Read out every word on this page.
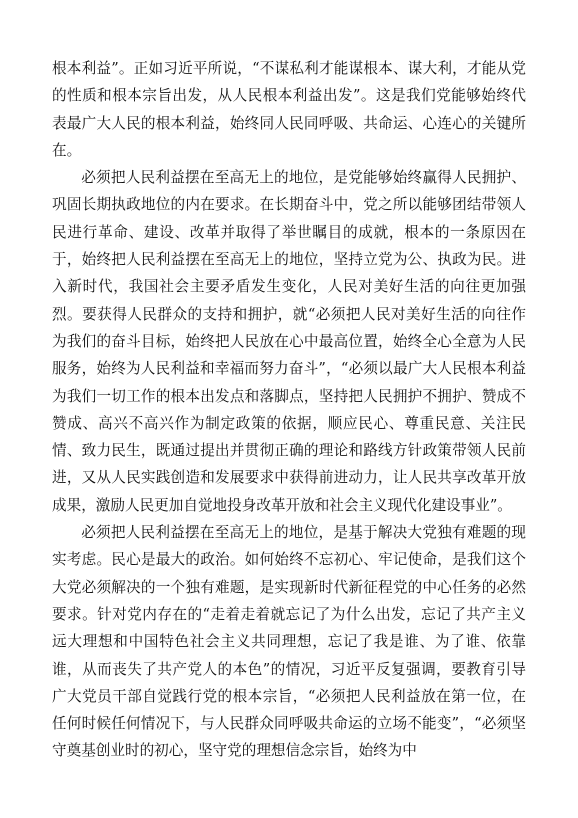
根本利益”。正如习近平所说，“不谋私利才能谋根本、谋大利，才能从党的性质和根本宗旨出发，从人民根本利益出发”。这是我们党能够始终代表最广大人民的根本利益，始终同人民同呼吸、共命运、心连心的关键所在。

必须把人民利益摆在至高无上的地位，是党能够始终赢得人民拥护、巩固长期执政地位的内在要求。在长期奋斗中，党之所以能够团结带领人民进行革命、建设、改革并取得了举世瞩目的成就，根本的一条原因在于，始终把人民利益摆在至高无上的地位，坚持立党为公、执政为民。进入新时代，我国社会主要矛盾发生变化，人民对美好生活的向往更加强烈。要获得人民群众的支持和拥护，就“必须把人民对美好生活的向往作为我们的奋斗目标，始终把人民放在心中最高位置，始终全心全意为人民服务，始终为人民利益和幸福而努力奋斗”，“必须以最广大人民根本利益为我们一切工作的根本出发点和落脚点，坚持把人民拥护不拥护、赞成不赞成、高兴不高兴作为制定政策的依据，顺应民心、尊重民意、关注民情、致力民生，既通过提出并贯彻正确的理论和路线方针政策带领人民前进，又从人民实践创造和发展要求中获得前进动力，让人民共享改革开放成果，激励人民更加自觉地投身改革开放和社会主义现代化建设事业”。

必须把人民利益摆在至高无上的地位，是基于解决大党独有难题的现实考虑。民心是最大的政治。如何始终不忘初心、牢记使命，是我们这个大党必须解决的一个独有难题，是实现新时代新征程党的中心任务的必然要求。针对党内存在的“走着走着就忘记了为什么出发，忘记了共产主义远大理想和中国特色社会主义共同理想，忘记了我是谁、为了谁、依靠谁，从而丧失了共产党人的本色”的情况，习近平反复强调，要教育引导广大党员干部自觉践行党的根本宗旨，“必须把人民利益放在第一位，在任何时候任何情况下，与人民群众同呼吸共命运的立场不能变”，“必须坚守奠基创业时的初心，坚守党的理想信念宗旨，始终为中
